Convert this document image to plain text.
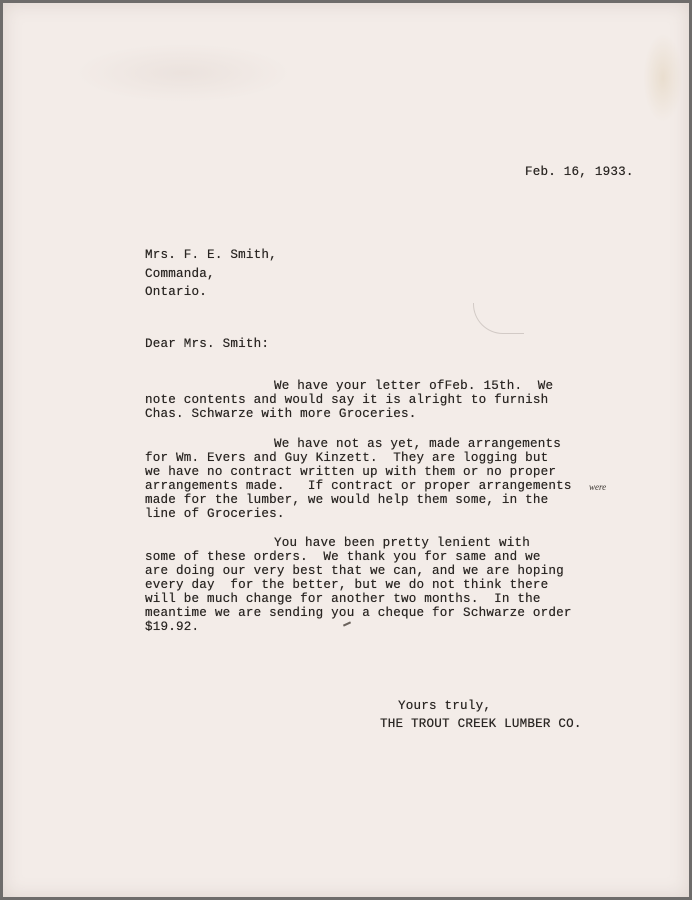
Feb. 16, 1933.

Mrs. F. E. Smith,

Commanda,

Ontario.

Dear Mrs. Smith:

We have your letter ofFeb. 15th.  We

note contents and would say it is alright to furnish

Chas. Schwarze with more Groceries.

We have not as yet, made arrangements

for Wm. Evers and Guy Kinzett.  They are logging but

we have no contract written up with them or no proper

arrangements made.   If contract or proper arrangements were

made for the lumber, we would help them some, in the

line of Groceries.

You have been pretty lenient with

some of these orders.  We thank you for same and we

are doing our very best that we can, and we are hoping

every day  for the better, but we do not think there

will be much change for another two months.  In the

meantime we are sending you a cheque for Schwarze order

$19.92.

Yours truly,

THE TROUT CREEK LUMBER CO.
